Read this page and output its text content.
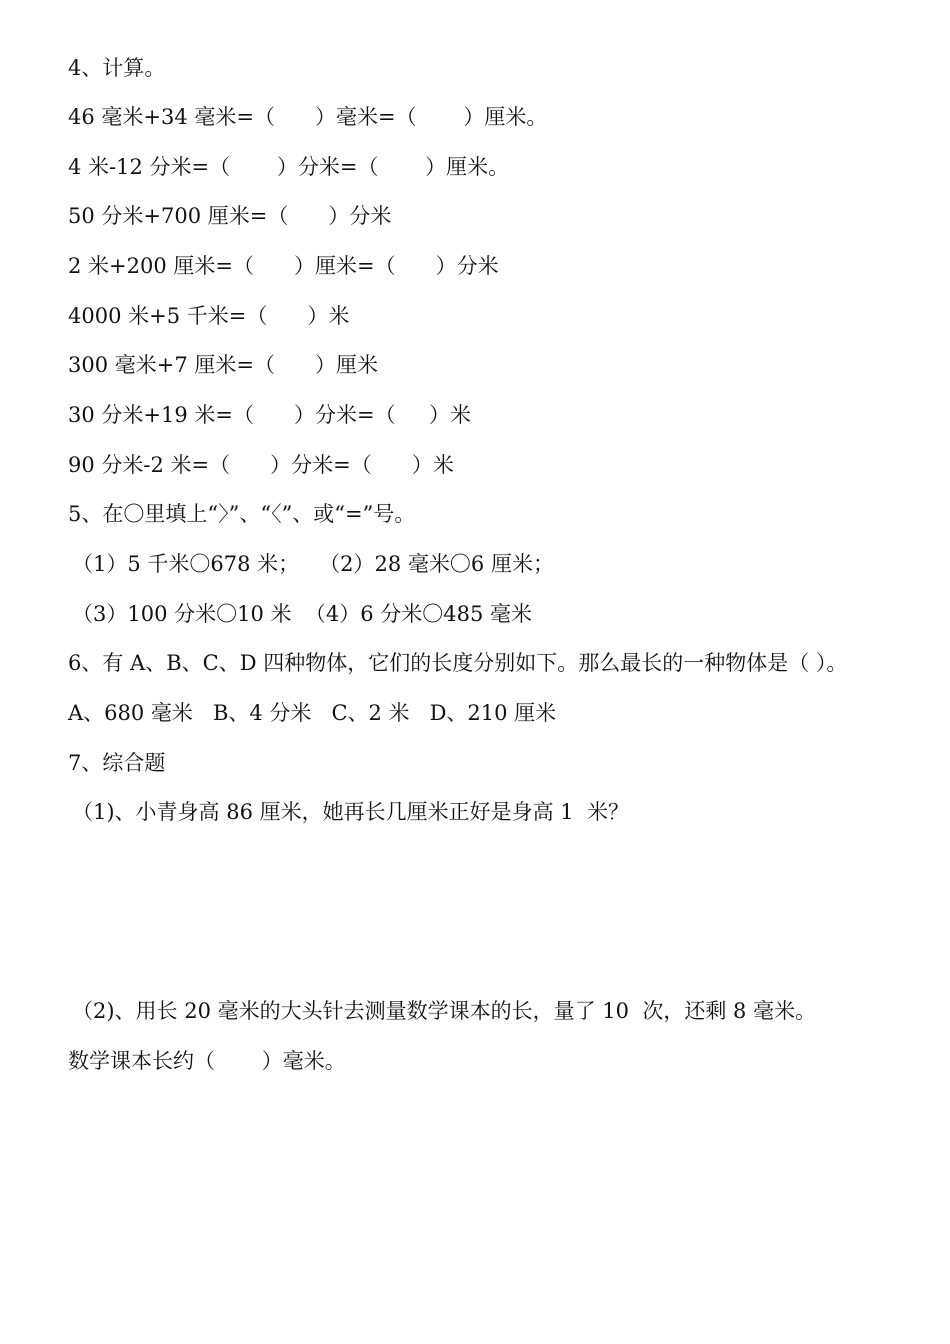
4、计算。
46 毫米+34 毫米=（      ）毫米=（       ）厘米。
4 米-12 分米=（       ）分米=（       ）厘米。
50 分米+700 厘米=（      ）分米
2 米+200 厘米=（      ）厘米=（      ）分米
4000 米+5 千米=（      ）米
300 毫米+7 厘米=（      ）厘米
30 分米+19 米=（      ）分米=（     ）米
90 分米-2 米=（      ）分米=（      ）米
5、在〇里填上“〉”、“〈”、或“=”号。
（1）5 千米〇678 米；   （2）28 毫米〇6 厘米；
（3）100 分米〇10 米  （4）6 分米〇485 毫米
6、有 A、B、C、D 四种物体，它们的长度分别如下。那么最长的一种物体是（ ）。
A、680 毫米   B、4 分米   C、2 米   D、210 厘米
7、综合题
（1)、小青身高 86 厘米，她再长几厘米正好是身高 1  米？
（2)、用长 20 毫米的大头针去测量数学课本的长，量了 10  次，还剩 8 毫米。
数学课本长约（       ）毫米。
